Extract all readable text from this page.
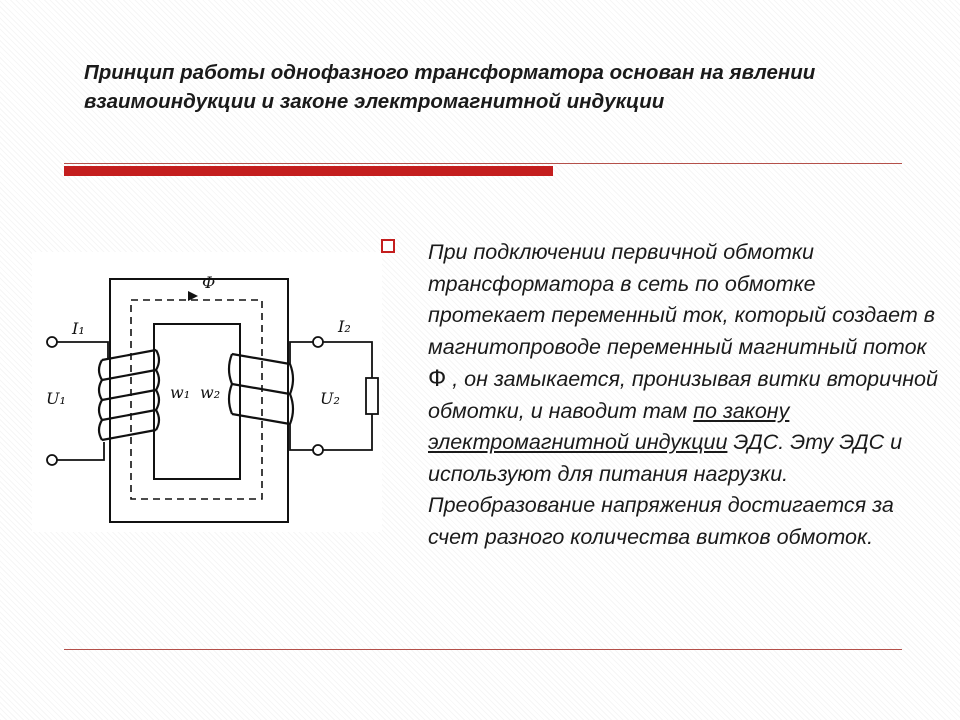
Принцип работы однофазного трансформатора основан на явлении взаимоиндукции и законе электромагнитной индукции
Ф
I₁	I₂
U₁	U₂
w₁ w₂

При подключении первичной обмотки трансформатора в сеть по обмотке протекает переменный ток, который создает в магнитопроводе переменный магнитный поток Ф , он замыкается, пронизывая витки вторичной обмотки, и наводит там по закону электромагнитной индукции ЭДС. Эту ЭДС и используют для питания нагрузки. Преобразование напряжения достигается за счет разного количества витков обмоток.
